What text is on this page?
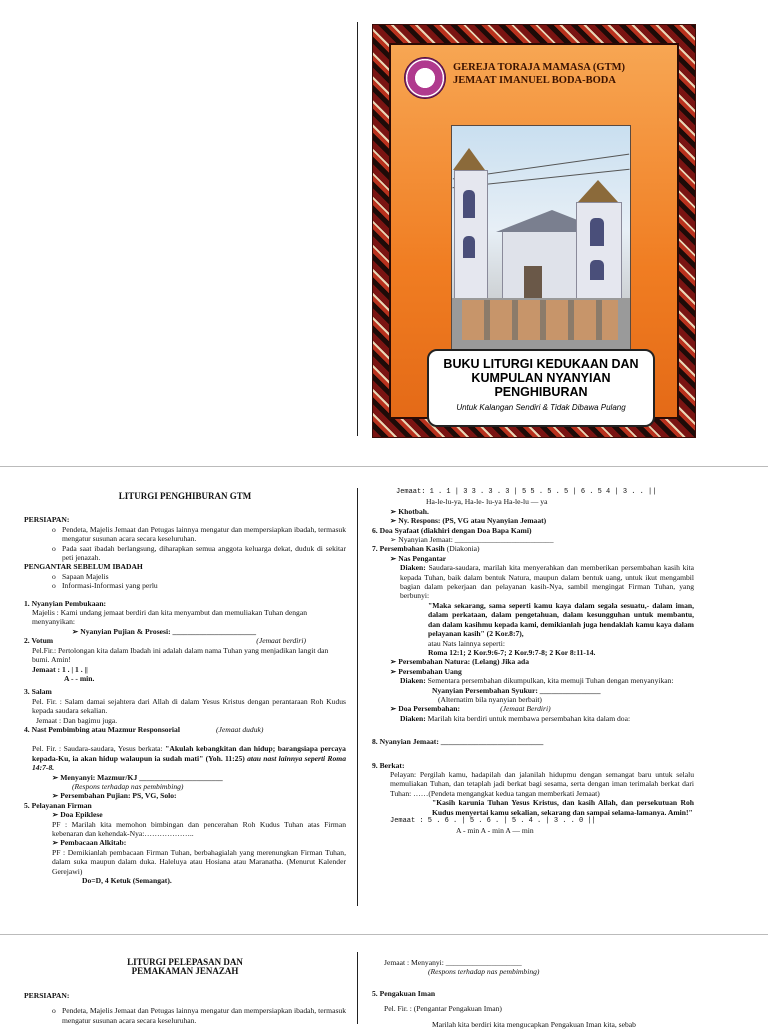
GEREJA TORAJA MAMASA (GTM)
JEMAAT IMANUEL BODA-BODA
BUKU LITURGI KEDUKAAN DAN
KUMPULAN NYANYIAN
PENGHIBURAN
Untuk Kalangan Sendiri & Tidak Dibawa Pulang

LITURGI PENGHIBURAN GTM

PERSIAPAN:

o Pendeta, Majelis Jemaat dan Petugas lainnya mengatur dan mempersiapkan ibadah, termasuk mengatur susunan acara secara keseluruhan.
o Pada saat ibadah berlangsung, diharapkan semua anggota keluarga dekat, duduk di sekitar peti jenazah.

PENGANTAR SEBELUM IBADAH

o Sapaan Majelis
o Informasi-Informasi yang perlu

1. Nyanyian Pembukaan:

Majelis : Kami undang jemaat berdiri dan kita menyambut dan memuliakan Tuhan dengan menyanyikan:

➢ Nyanyian Pujian & Prosesi: ______________________

2. Votum	(Jemaat berdiri)

Pel.Fir.: Pertolongan kita dalam Ibadah ini adalah dalam nama Tuhan yang menjadikan langit dan bumi. Amin!

Jemaat : 1 . | 1 . ||

A - - min.

3. Salam

Pel. Fir. : Salam damai sejahtera dari Allah di dalam Yesus Kristus dengan perantaraan Roh Kudus kepada saudara sekalian.

Jemaat : Dan bagimu juga.

4. Nast Pembimbing atau Mazmur Responsorial	(Jemaat duduk)

Pel. Fir. : Saudara-saudara, Yesus berkata: "Akulah kebangkitan dan hidup; barangsiapa percaya kepada-Ku, ia akan hidup walaupun ia sudah mati" (Yoh. 11:25) atau nast lainnya seperti Roma 14:7-8.

➢ Menyanyi: Mazmur/KJ ______________________

(Respons terhadap nas pembimbing)

➢ Persembahan Pujian: PS, VG, Solo:

5. Pelayanan Firman

➢ Doa Epiklese

PF : Marilah kita memohon bimbingan dan pencerahan Roh Kudus Tuhan atas Firman kebenaran dan kehendak-Nya:………………..

➢ Pembacaan Alkitab:

PF : Demikianlah pembacaan Firman Tuhan, berbahagialah yang merenungkan Firman Tuhan, dalam suka maupun dalam duka. Haleluya atau Hosiana atau Maranatha. (Menurut Kalender Gerejawi)

Do=D, 4 Ketuk (Semangat).

Jemaat: 1 . 1 | 3 3 . 3 . 3 | 5 5 . 5 . 5 | 6 . 5 4 | 3 . . ||

Ha-le-lu-ya, Ha-le- lu-ya Ha-le-lu — ya

➢ Khotbah.

➢ Ny. Respons: (PS, VG atau Nyanyian Jemaat)

6. Doa Syafaat (diakhiri dengan Doa Bapa Kami)

➢ Nyanyian Jemaat: __________________________

7. Persembahan Kasih (Diakonia)

➢ Nas Pengantar

Diaken: Saudara-saudara, marilah kita menyerahkan dan memberikan persembahan kasih kita kepada Tuhan, baik dalam bentuk Natura, maupun dalam bentuk uang, untuk ikut mengambil bagian dalam pekerjaan dan pelayanan kasih-Nya, sambil mengingat Firman Tuhan, yang berbunyi:

"Maka sekarang, sama seperti kamu kaya dalam segala sesuatu,- dalam iman, dalam perkataan, dalam pengetahuan, dalam kesungguhan untuk membantu, dan dalam kasihmu kepada kami, demikianlah juga hendaklah kamu kaya dalam pelayanan kasih" (2 Kor.8:7),

atau Nats lainnya seperti:

Roma 12:1; 2 Kor.9:6-7; 2 Kor.9:7-8; 2 Kor 8:11-14.

➢ Persembahan Natura: (Lelang) Jika ada

➢ Persembahan Uang

Diaken: Sementara persembahan dikumpulkan, kita memuji Tuhan dengan menyanyikan:

Nyanyian Persembahan Syukur: ________________

(Alternatim bila nyanyian berbait)

➢ Doa Persembahan:	(Jemaat Berdiri)

Diaken: Marilah kita berdiri untuk membawa persembahan kita dalam doa:

8. Nyanyian Jemaat: ___________________________

9. Berkat:

Pelayan: Pergilah kamu, hadapilah dan jalanilah hidupmu dengan semangat baru untuk selalu memuliakan Tuhan, dan tetaplah jadi berkat bagi sesama, serta dengan iman terimalah berkat dari Tuhan: ……(Pendeta mengangkat kedua tangan memberkati Jemaat)

"Kasih karunia Tuhan Yesus Kristus, dan kasih Allah, dan persekutuan Roh Kudus menyertai kamu sekalian, sekarang dan sampai selama-lamanya. Amin!"

Jemaat : 5 . 6 . | 5 . 6 . | 5 . 4 . | 3 . . 0 ||

A - min A - min A — min

LITURGI PELEPASAN DAN

PEMAKAMAN JENAZAH

PERSIAPAN:

o Pendeta, Majelis Jemaat dan Petugas lainnya mengatur dan mempersiapkan ibadah, termasuk mengatur susunan acara secara keseluruhan.

Jemaat : Menyanyi: ____________________

(Respons terhadap nas pembimbing)

5. Pengakuan Iman

Pel. Fir. : (Pengantar Pengakuan Iman)

Marilah kita berdiri kita mengucapkan Pengakuan Iman kita, sebab
